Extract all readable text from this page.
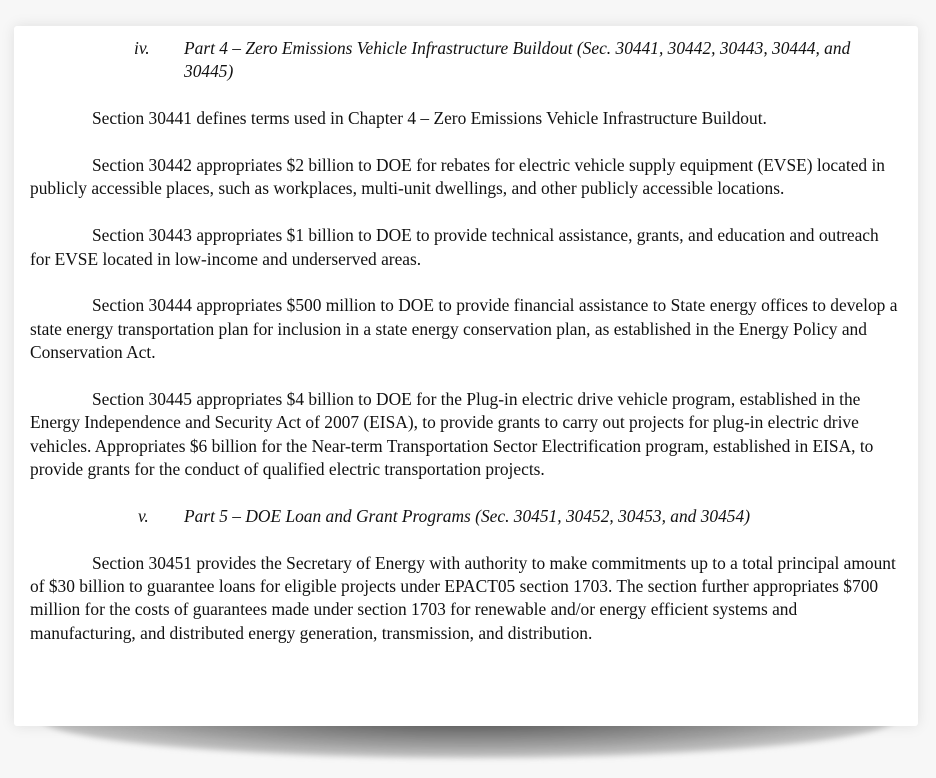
iv. Part 4 – Zero Emissions Vehicle Infrastructure Buildout (Sec. 30441, 30442, 30443, 30444, and 30445)

Section 30441 defines terms used in Chapter 4 – Zero Emissions Vehicle Infrastructure Buildout.

Section 30442 appropriates $2 billion to DOE for rebates for electric vehicle supply equipment (EVSE) located in publicly accessible places, such as workplaces, multi-unit dwellings, and other publicly accessible locations.

Section 30443 appropriates $1 billion to DOE to provide technical assistance, grants, and education and outreach for EVSE located in low-income and underserved areas.

Section 30444 appropriates $500 million to DOE to provide financial assistance to State energy offices to develop a state energy transportation plan for inclusion in a state energy conservation plan, as established in the Energy Policy and Conservation Act.

Section 30445 appropriates $4 billion to DOE for the Plug-in electric drive vehicle program, established in the Energy Independence and Security Act of 2007 (EISA), to provide grants to carry out projects for plug-in electric drive vehicles. Appropriates $6 billion for the Near-term Transportation Sector Electrification program, established in EISA, to provide grants for the conduct of qualified electric transportation projects.

v. Part 5 – DOE Loan and Grant Programs (Sec. 30451, 30452, 30453, and 30454)

Section 30451 provides the Secretary of Energy with authority to make commitments up to a total principal amount of $30 billion to guarantee loans for eligible projects under EPACT05 section 1703. The section further appropriates $700 million for the costs of guarantees made under section 1703 for renewable and/or energy efficient systems and manufacturing, and distributed energy generation, transmission, and distribution.
